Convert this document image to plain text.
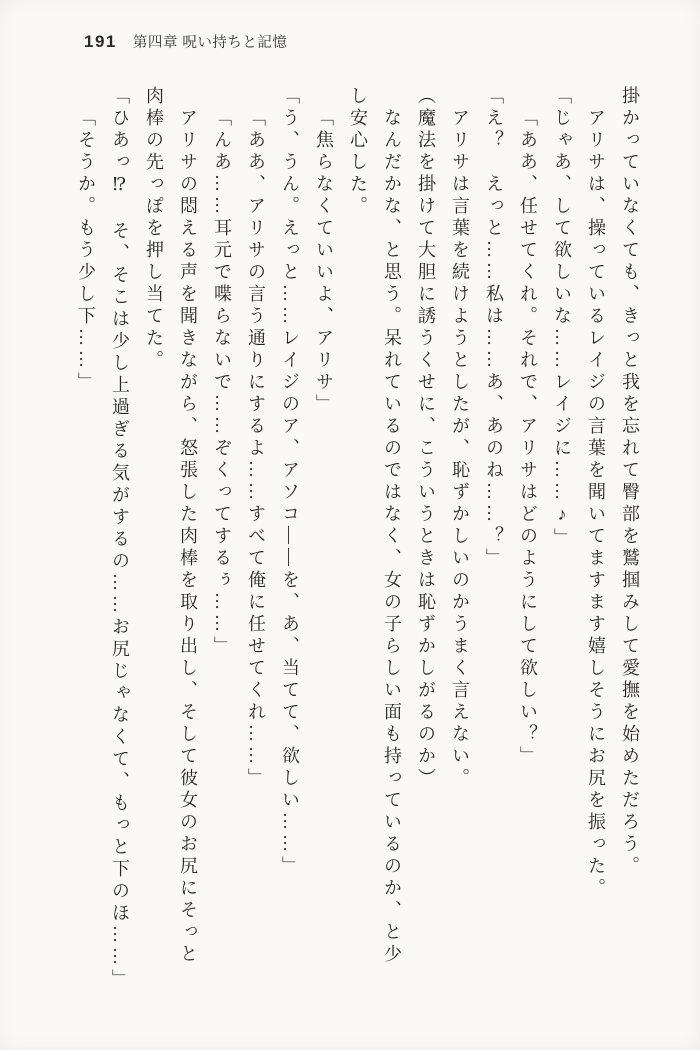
191 第四章 呪い持ちと記憶
掛かっていなくても、きっと我を忘れて臀部を鷲掴みして愛撫を始めただろう。
アリサは、操っているレイジの言葉を聞いてますます嬉しそうにお尻を振った。
「じゃあ、して欲しいな……レイジに……♪」
「ああ、任せてくれ。それで、アリサはどのようにして欲しい？」
「え？　えっと……私は……あ、あのね……？」
アリサは言葉を続けようとしたが、恥ずかしいのかうまく言えない。
（魔法を掛けて大胆に誘うくせに、こういうときは恥ずかしがるのか）
なんだかな、と思う。呆れているのではなく、女の子らしい面も持っているのか、と少
し安心した。
「焦らなくていいよ、アリサ」
「う、うん。えっと……レイジのア、アソコ――を、あ、当てて、欲しい……」
「ああ、アリサの言う通りにするよ……すべて俺に任せてくれ……」
「んあ……耳元で喋らないで……ぞくってするぅ……」
アリサの悶える声を聞きながら、怒張した肉棒を取り出し、そして彼女のお尻にそっと
肉棒の先っぽを押し当てた。
「ひあっ⁉　そ、そこは少し上過ぎる気がするの……お尻じゃなくて、もっと下のほ……」
「そうか。もう少し下……」
